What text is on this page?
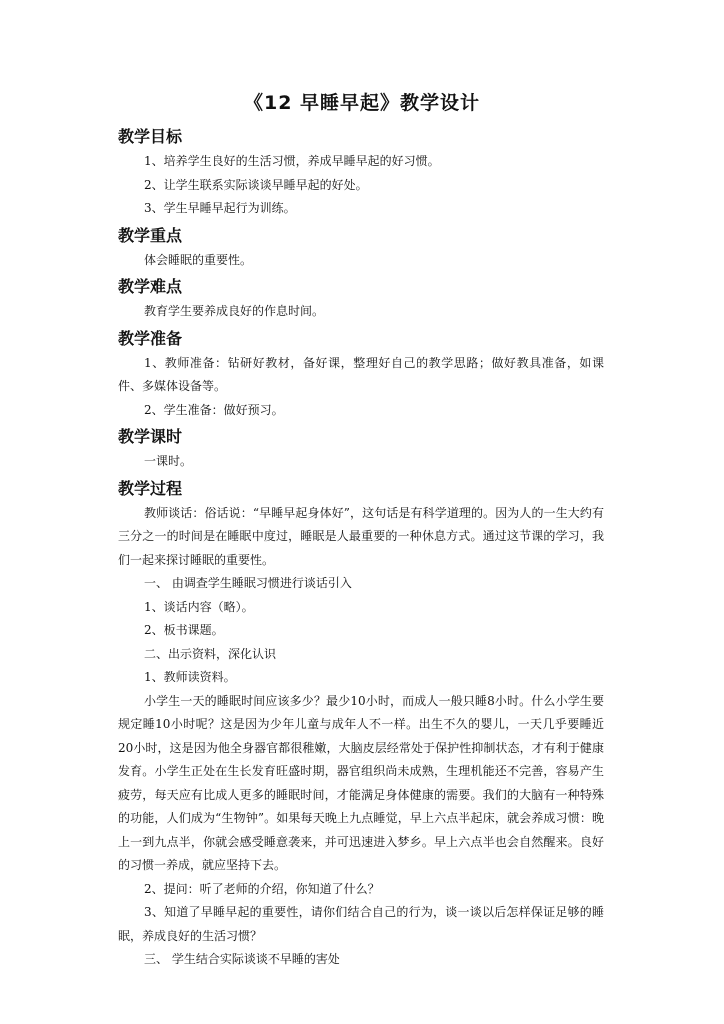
《12 早睡早起》教学设计
教学目标
1、培养学生良好的生活习惯，养成早睡早起的好习惯。
2、让学生联系实际谈谈早睡早起的好处。
3、学生早睡早起行为训练。
教学重点
体会睡眠的重要性。
教学难点
教育学生要养成良好的作息时间。
教学准备
1、教师准备：钻研好教材，备好课，整理好自己的教学思路；做好教具准备，如课件、多媒体设备等。
2、学生准备：做好预习。
教学课时
一课时。
教学过程
教师谈话：俗话说：“早睡早起身体好”，这句话是有科学道理的。因为人的一生大约有三分之一的时间是在睡眠中度过，睡眠是人最重要的一种休息方式。通过这节课的学习，我们一起来探讨睡眠的重要性。
一、 由调查学生睡眠习惯进行谈话引入
1、谈话内容（略）。
2、板书课题。
二、出示资料，深化认识
1、教师读资料。
小学生一天的睡眠时间应该多少？最少10小时，而成人一般只睡8小时。什么小学生要规定睡10小时呢？这是因为少年儿童与成年人不一样。出生不久的婴儿，一天几乎要睡近20小时，这是因为他全身器官都很稚嫩，大脑皮层经常处于保护性抑制状态，才有利于健康发育。小学生正处在生长发育旺盛时期，器官组织尚未成熟，生理机能还不完善，容易产生疲劳，每天应有比成人更多的睡眠时间，才能满足身体健康的需要。我们的大脑有一种特殊的功能，人们成为“生物钟”。如果每天晚上九点睡觉，早上六点半起床，就会养成习惯：晚上一到九点半，你就会感受睡意袭来，并可迅速进入梦乡。早上六点半也会自然醒来。良好的习惯一养成，就应坚持下去。
2、提问：听了老师的介绍，你知道了什么？
3、知道了早睡早起的重要性，请你们结合自己的行为，谈一谈以后怎样保证足够的睡眠，养成良好的生活习惯？
三、 学生结合实际谈谈不早睡的害处
